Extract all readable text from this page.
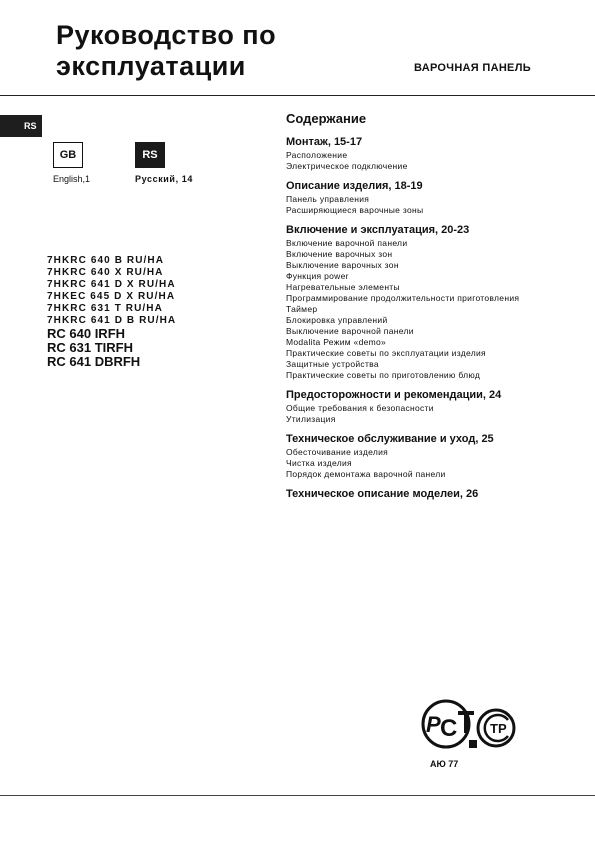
Руководство по
эксплуатации	ВАРОЧНАЯ ПАНЕЛЬ
RS
GB	RS
English,1	Русский, 14
7HKRC 640 B RU/HA
7HKRC 640 X RU/HA
7HKRC 641 D X RU/HA
7HKEC 645 D X RU/HA
7HKRC 631 T RU/HA
7HKRC 641 D B RU/HA
RC 640 IRFH
RC 631 TIRFH
RC 641 DBRFH
Содержание
Монтаж, 15-17
Расположение
Электрическое подключение
Описание изделия, 18-19
Панель управления
Расширяющиеся варочные зоны
Включение и эксплуатация, 20-23
Включение варочной панели
Включение варочных зон
Выключение варочных зон
Функция power
Нагревательные элементы
Программирование продолжительности приготовления
Таймер
Блокировка управлений
Выключение варочной панели
Modalita Режим «demo»
Практические советы по эксплуатации изделия
Защитные устройства
Практические советы по приготовлению блюд
Предосторожности и рекомендации, 24
Общие требования к безопасности
Утилизация
Техническое обслуживание и уход, 25
Обесточивание изделия
Чистка изделия
Порядок демонтажа варочной панели
Техническое описание моделеи, 26
P C	TP
АЮ 77
